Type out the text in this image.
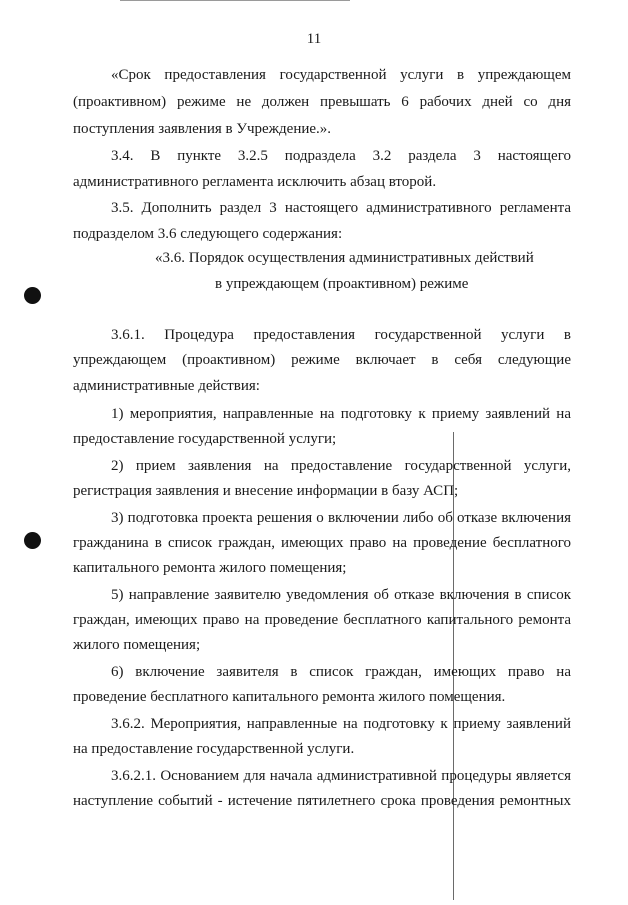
11
«Срок предоставления государственной услуги в упреждающем
(проактивном) режиме не должен превышать 6 рабочих дней со дня
поступления заявления в Учреждение.».
3.4. В пункте 3.2.5 подраздела 3.2 раздела 3 настоящего
административного регламента исключить абзац второй.
3.5. Дополнить раздел 3 настоящего административного регламента
подразделом 3.6 следующего содержания:
«3.6. Порядок осуществления административных действий
в упреждающем (проактивном) режиме
3.6.1. Процедура предоставления государственной услуги в
упреждающем (проактивном) режиме включает в себя следующие
административные действия:
1) мероприятия, направленные на подготовку к приему заявлений на
предоставление государственной услуги;
2) прием заявления на предоставление государственной услуги,
регистрация заявления и внесение информации в базу АСП;
3) подготовка проекта решения о включении либо об отказе включения
гражданина в список граждан, имеющих право на проведение бесплатного
капитального ремонта жилого помещения;
5) направление заявителю уведомления об отказе включения в список
граждан, имеющих право на проведение бесплатного капитального ремонта
жилого помещения;
6) включение заявителя в список граждан, имеющих право на
проведение бесплатного капитального ремонта жилого помещения.
3.6.2. Мероприятия, направленные на подготовку к приему заявлений
на предоставление государственной услуги.
3.6.2.1. Основанием для начала административной процедуры является
наступление событий - истечение пятилетнего срока проведения ремонтных
